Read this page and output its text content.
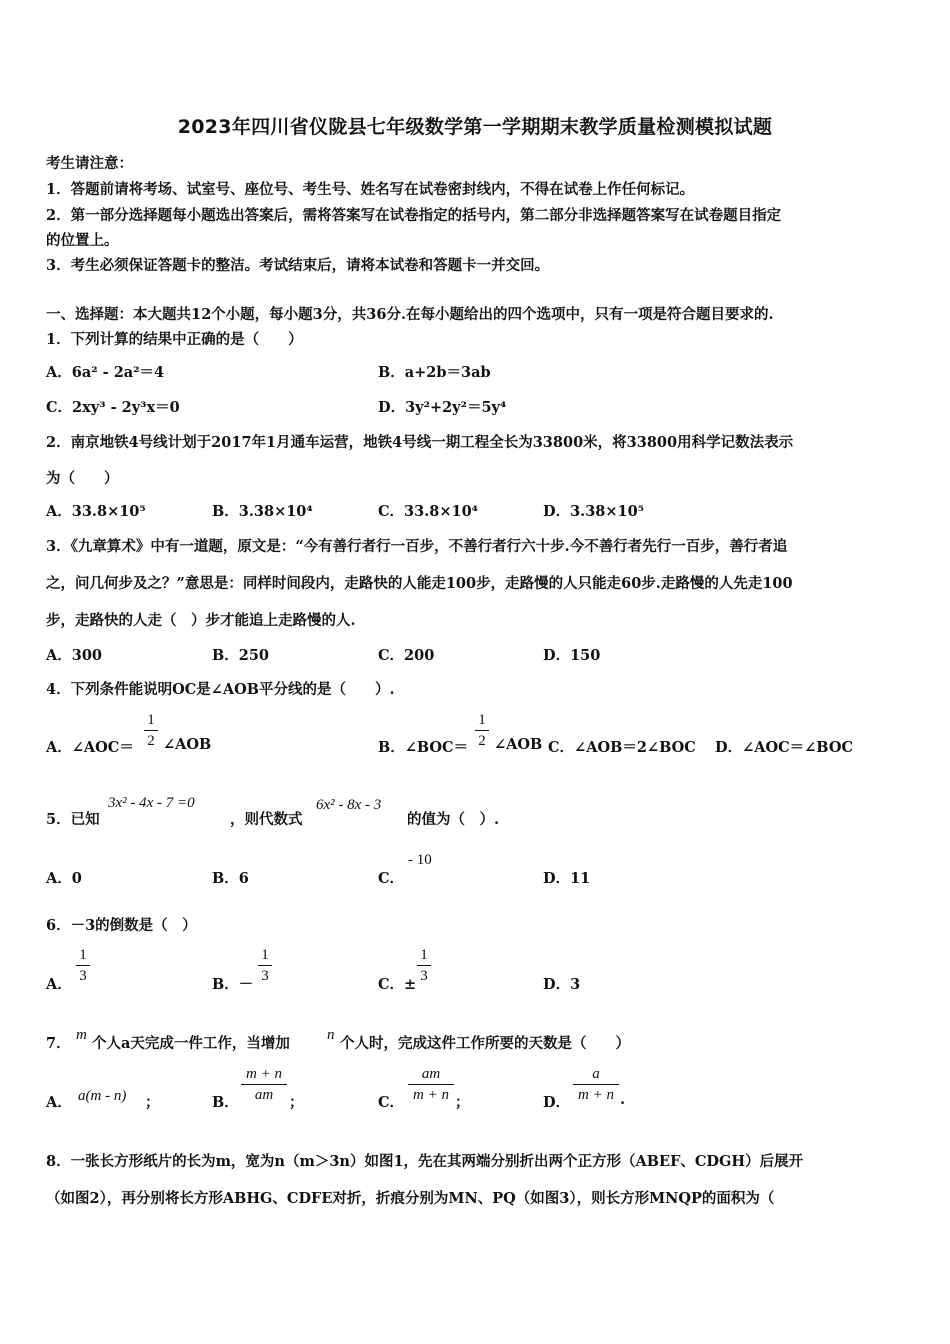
2023年四川省仪陇县七年级数学第一学期期末教学质量检测模拟试题
考生请注意：
1．答题前请将考场、试室号、座位号、考生号、姓名写在试卷密封线内，不得在试卷上作任何标记。
2．第一部分选择题每小题选出答案后，需将答案写在试卷指定的括号内，第二部分非选择题答案写在试卷题目指定
的位置上。
3．考生必须保证答题卡的整洁。考试结束后，请将本试卷和答题卡一并交回。
一、选择题：本大题共12个小题，每小题3分，共36分.在每小题给出的四个选项中，只有一项是符合题目要求的.
1．下列计算的结果中正确的是（　　）
A．6a² - 2a²＝4	B．a+2b＝3ab
C．2xy³ - 2y³x＝0	D．3y²+2y²＝5y⁴
2．南京地铁4号线计划于2017年1月通车运营，地铁4号线一期工程全长为33800米，将33800用科学记数法表示
为（　　）
A．33.8×10⁵	B．3.38×10⁴	C．33.8×10⁴	D．3.38×10⁵
3．《九章算术》中有一道题，原文是：“今有善行者行一百步，不善行者行六十步.今不善行者先行一百步，善行者追
之，问几何步及之？”意思是：同样时间段内，走路快的人能走100步，走路慢的人只能走60步.走路慢的人先走100
步，走路快的人走（　）步才能追上走路慢的人.
A．300	B．250	C．200	D．150
4．下列条件能说明OC是∠AOB平分线的是（　　）.
A．∠AOC＝
1
2 ∠AOB	B．∠BOC＝
1
2 ∠AOB C．∠AOB＝2∠BOC D．∠AOC＝∠BOC
5．已知
3x² - 4x - 7 =0
，则代数式
6x² - 8x - 3
的值为（　）.
A．0	B．6	C．
- 10
D．11
6．－3的倒数是（　）
A．
1
3	B．－
1
3	C．±
1
3	D．3
7． m 个人a天完成一件工作，当增加 n 个人时，完成这件工作所要的天数是（　　）
A． a(m - n) ；	B．
m + n
am	；	C．
am
m + n ；	D．
a
m + n .
8．一张长方形纸片的长为m，宽为n（m＞3n）如图1，先在其两端分别折出两个正方形（ABEF、CDGH）后展开
（如图2），再分别将长方形ABHG、CDFE对折，折痕分别为MN、PQ（如图3），则长方形MNQP的面积为（
